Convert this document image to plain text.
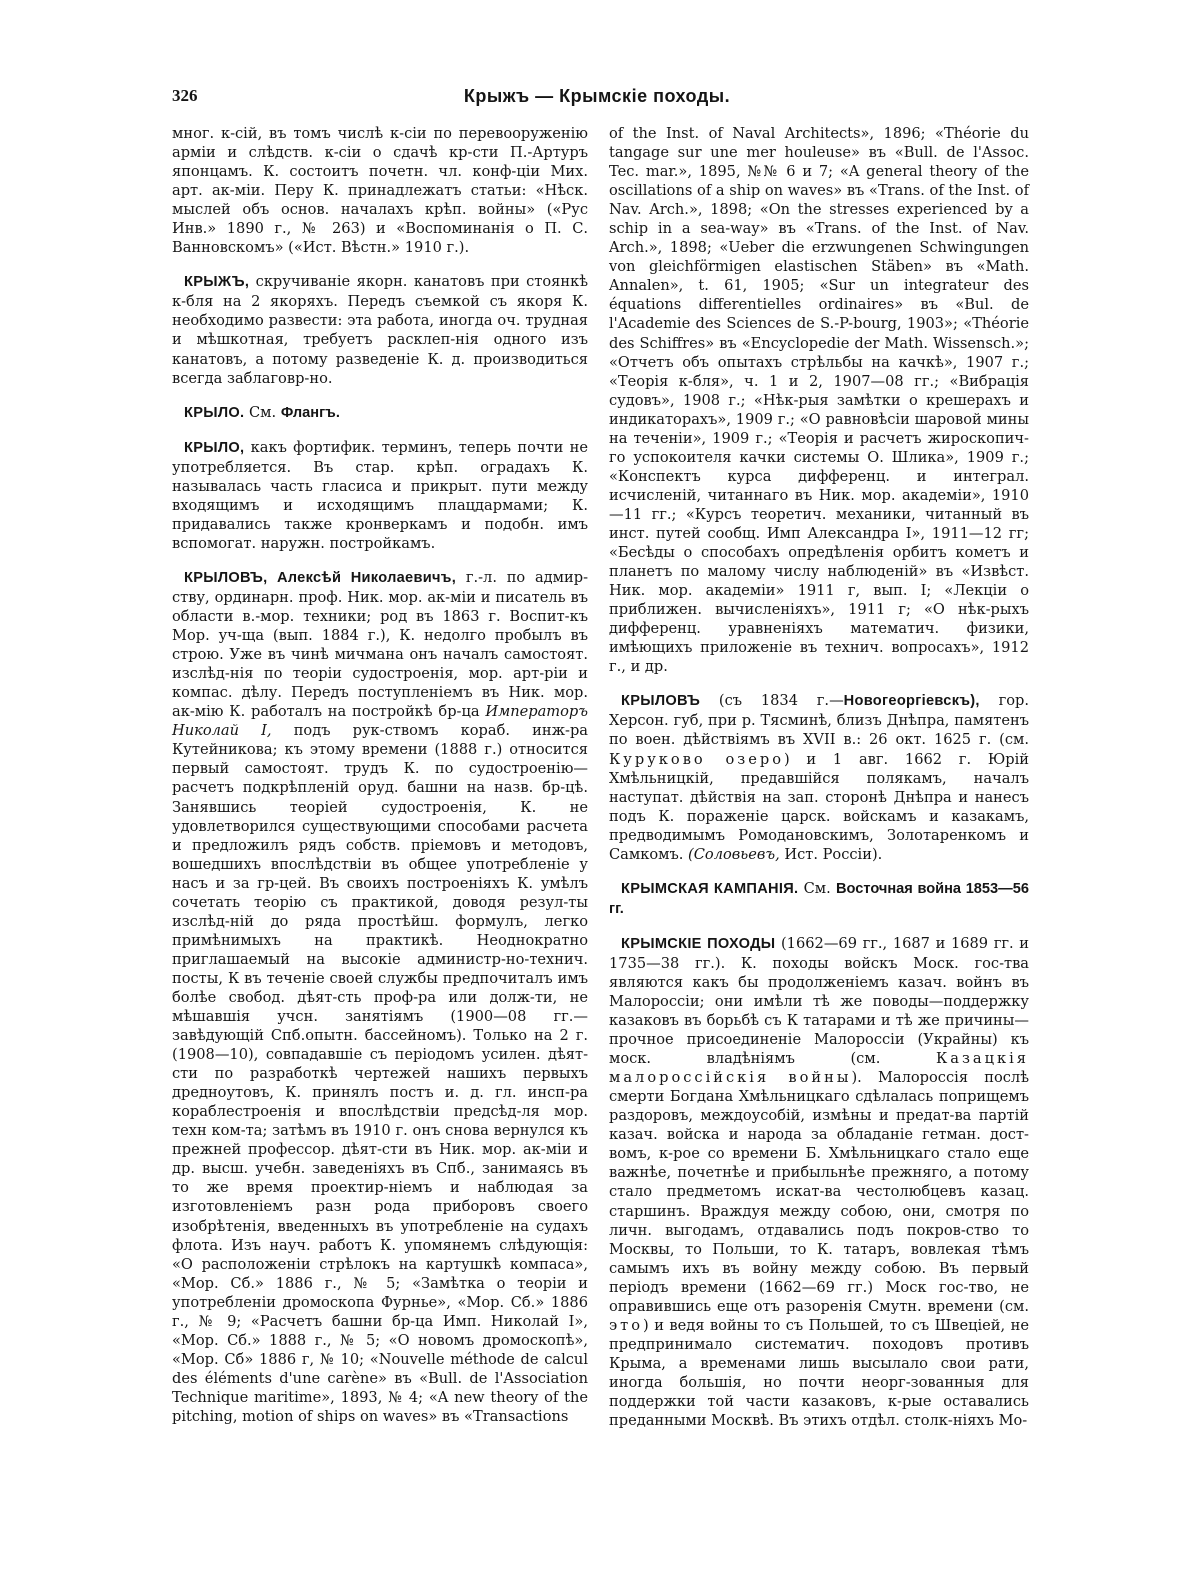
326	Крыжъ — Крымскіе походы.

мног. к-сій, въ томъ числѣ к-сіи по перевооруженію арміи и слѣдств. к-сіи о сдачѣ кр-сти П.-Артуръ японцамъ. К. состоитъ почетн. чл. конф-ціи Мих. арт. ак-міи. Перу К. принадлежатъ статьи: «Нѣск. мыслей объ основ. началахъ крѣп. войны» («Рус Инв.» 1890 г., № 263) и «Воспоминанія о П. С. Ванновскомъ» («Ист. Вѣстн.» 1910 г.).

КРЫЖЪ, скручиваніе якорн. канатовъ при стоянкѣ к-бля на 2 якоряхъ. Передъ съемкой съ якоря К. необходимо развести: эта работа, иногда оч. трудная и мѣшкотная, требуетъ расклеп-нія одного изъ канатовъ, а потому разведеніе К. д. производиться всегда заблаговр-но.

КРЫЛО. См. Флангъ.

КРЫЛО, какъ фортифик. терминъ, теперь почти не употребляется. Въ стар. крѣп. оградахъ К. называлась часть гласиса и прикрыт. пути между входящимъ и исходящимъ плацдармами; К. придавались также кронверкамъ и подобн. имъ вспомогат. наружн. постройкамъ.

КРЫЛОВЪ, Алексѣй Николаевичъ, г.-л. по адмир-ству, ординарн. проф. Ник. мор. ак-міи и писатель въ области в.-мор. техники; род въ 1863 г. Воспит-къ Мор. уч-ща (вып. 1884 г.), К. недолго пробылъ въ строю. Уже въ чинѣ мичмана онъ началъ самостоят. изслѣд-нія по теоріи судостроенія, мор. арт-ріи и компас. дѣлу. Передъ поступленіемъ въ Ник. мор. ак-мію К. работалъ на постройкѣ бр-ца Императоръ Николай I, подъ рук-ствомъ кораб. инж-ра Кутейникова; къ этому времени (1888 г.) относится первый самостоят. трудъ К. по судостроенію—расчетъ подкрѣпленій оруд. башни на назв. бр-цѣ. Занявшись теоріей судостроенія, К. не удовлетворился существующими способами расчета и предложилъ рядъ собств. пріемовъ и методовъ, вошедшихъ впослѣдствіи въ общее употребленіе у насъ и за гр-цей. Въ своихъ построеніяхъ К. умѣлъ сочетать теорію съ практикой, доводя резул-ты изслѣд-ній до ряда простѣйш. формулъ, легко примѣнимыхъ на практикѣ. Неоднократно приглашаемый на высокіе администр-но-технич. посты, К въ теченіе своей службы предпочиталъ имъ болѣе свобод. дѣят-сть проф-ра или долж-ти, не мѣшавшія учсн. занятіямъ (1900—08 гг.—завѣдующій Спб.опытн. бассейномъ). Только на 2 г. (1908—10), совпадавшіе съ періодомъ усилен. дѣят-сти по разработкѣ чертежей нашихъ первыхъ дредноутовъ, К. принялъ постъ и. д. гл. инсп-ра кораблестроенія и впослѣдствіи предсѣд-ля мор. техн ком-та; затѣмъ въ 1910 г. онъ снова вернулся къ прежней профессор. дѣят-сти въ Ник. мор. ак-міи и др. высш. учебн. заведеніяхъ въ Спб., занимаясь въ то же время проектир-ніемъ и наблюдая за изготовленіемъ разн рода приборовъ своего изобрѣтенія, введенныхъ въ употребленіе на судахъ флота. Изъ науч. работъ К. упомянемъ слѣдующія: «О расположеніи стрѣлокъ на картушкѣ компаса», «Мор. Сб.» 1886 г., № 5; «Замѣтка о теоріи и употребленіи дромоскопа Фурнье», «Мор. Сб.» 1886 г., № 9; «Расчетъ башни бр-ца Имп. Николай I», «Мор. Сб.» 1888 г., № 5; «О новомъ дромоскопѣ», «Мор. Сб» 1886 г, № 10; «Nouvelle méthode de calcul des éléments d'une carène» въ «Bull. de l'Association Technique maritime», 1893, № 4; «A new theory of the pitching, motion of ships on waves» въ «Transactions

of the Inst. of Naval Architects», 1896; «Théorie du tangage sur une mer houleuse» въ «Bull. de l'Assoc. Tec. mar.», 1895, №№ 6 и 7; «A general theory of the oscillations of a ship on waves» въ «Trans. of the Inst. of Nav. Arch.», 1898; «On the stresses experienced by a schip in a sea-way» въ «Trans. of the Inst. of Nav. Arch.», 1898; «Ueber die erzwungenen Schwingungen von gleichförmigen elastischen Stäben» въ «Math. Annalen», t. 61, 1905; «Sur un integrateur des équations differentielles ordinaires» въ «Bul. de l'Academie des Sciences de S.-P-bourg, 1903»; «Théorie des Schiffres» въ «Encyclopedie der Math. Wissensch.»; «Отчетъ объ опытахъ стрѣльбы на качкѣ», 1907 г.; «Теорія к-бля», ч. 1 и 2, 1907—08 гг.; «Вибрація судовъ», 1908 г.; «Нѣк-рыя замѣтки о крешерахъ и индикаторахъ», 1909 г.; «О равновѣсіи шаровой мины на теченіи», 1909 г.; «Теорія и расчетъ жироскопич-го успокоителя качки системы О. Шлика», 1909 г.; «Конспектъ курса дифференц. и интеграл. исчисленій, читаннаго въ Ник. мор. академіи», 1910—11 гг.; «Курсъ теоретич. механики, читанный въ инст. путей сообщ. Имп Александра I», 1911—12 гг; «Бесѣды о способахъ опредѣленія орбитъ кометъ и планетъ по малому числу наблюденій» въ «Извѣст. Ник. мор. академіи» 1911 г, вып. I; «Лекціи о приближен. вычисленіяхъ», 1911 г; «О нѣк-рыхъ дифференц. уравненіяхъ математич. физики, имѣющихъ приложеніе въ технич. вопросахъ», 1912 г., и др.

КРЫЛОВЪ (съ 1834 г.—Новогеоргіевскъ), гор. Херсон. губ, при р. Тясминѣ, близъ Днѣпра, памятенъ по воен. дѣйствіямъ въ XVII в.: 26 окт. 1625 г. (см. Куруково озеро) и 1 авг. 1662 г. Юрій Хмѣльницкій, предавшійся полякамъ, началъ наступат. дѣйствія на зап. сторонѣ Днѣпра и нанесъ подъ К. пораженіе царск. войскамъ и казакамъ, предводимымъ Ромодановскимъ, Золотаренкомъ и Самкомъ. (Соловьевъ, Ист. Россіи).

КРЫМСКАЯ КАМПАНІЯ. См. Восточная война 1853—56 гг.

КРЫМСКІЕ ПОХОДЫ (1662—69 гг., 1687 и 1689 гг. и 1735—38 гг.). К. походы войскъ Моск. гос-тва являются какъ бы продолженіемъ казач. войнъ въ Малороссіи; они имѣли тѣ же поводы—поддержку казаковъ въ борьбѣ съ К татарами и тѣ же причины—прочное присоединеніе Малороссіи (Украйны) къ моск. владѣніямъ (см. Казацкія малороссійскія войны). Малороссія послѣ смерти Богдана Хмѣльницкаго сдѣлалась поприщемъ раздоровъ, междоусобій, измѣны и предат-ва партій казач. войска и народа за обладаніе гетман. дост-вомъ, к-рое со времени Б. Хмѣльницкаго стало еще важнѣе, почетнѣе и прибыльнѣе прежняго, а потому стало предметомъ искат-ва честолюбцевъ казац. старшинъ. Враждуя между собою, они, смотря по личн. выгодамъ, отдавались подъ покров-ство то Москвы, то Польши, то К. татаръ, вовлекая тѣмъ самымъ ихъ въ войну между собою. Въ первый періодъ времени (1662—69 гг.) Моск гос-тво, не оправившись еще отъ разоренія Смутн. времени (см. это) и ведя войны то съ Польшей, то съ Швеціей, не предпринимало систематич. походовъ противъ Крыма, а временами лишь высылало свои рати, иногда большія, но почти неорг-зованныя для поддержки той части казаковъ, к-рые оставались преданными Москвѣ. Въ этихъ отдѣл. столк-ніяхъ Мо-
